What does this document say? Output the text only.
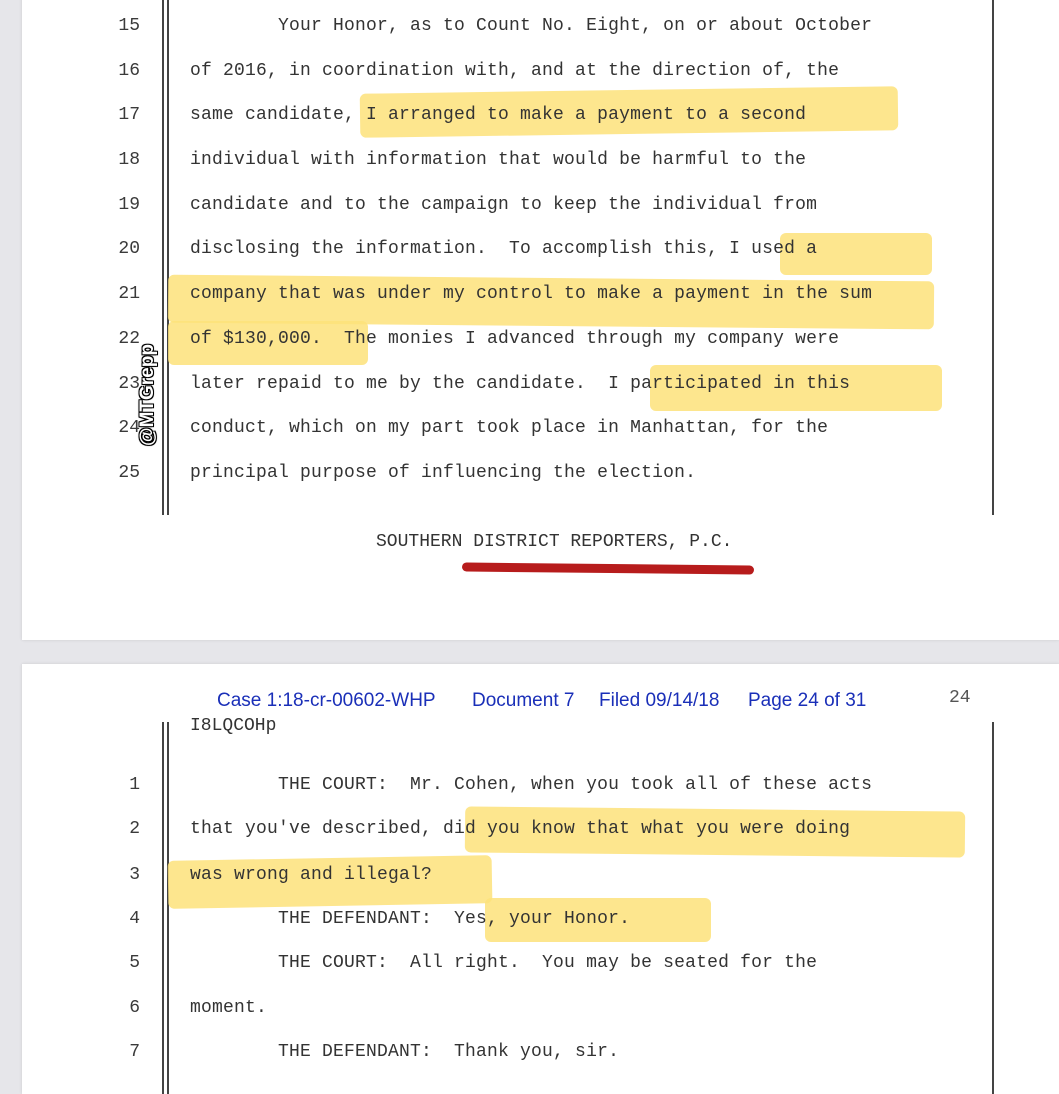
15
16
17
18
19
20
21
22
23
24
25
Your Honor, as to Count No. Eight, on or about October
of 2016, in coordination with, and at the direction of, the
same candidate, I arranged to make a payment to a second
individual with information that would be harmful to the
candidate and to the campaign to keep the individual from
disclosing the information.  To accomplish this, I used a
company that was under my control to make a payment in the sum
of $130,000.  The monies I advanced through my company were
later repaid to me by the candidate.  I participated in this
conduct, which on my part took place in Manhattan, for the
principal purpose of influencing the election.
SOUTHERN DISTRICT REPORTERS, P.C.
@MTGrepp
Case 1:18-cr-00602-WHP Document 7 Filed 09/14/18 Page 24 of 31	24
I8LQCOHp
1
2
3
4
5
6
7
THE COURT:  Mr. Cohen, when you took all of these acts
that you've described, did you know that what you were doing
was wrong and illegal?
THE DEFENDANT:  Yes, your Honor.
THE COURT:  All right.  You may be seated for the
moment.
THE DEFENDANT:  Thank you, sir.
